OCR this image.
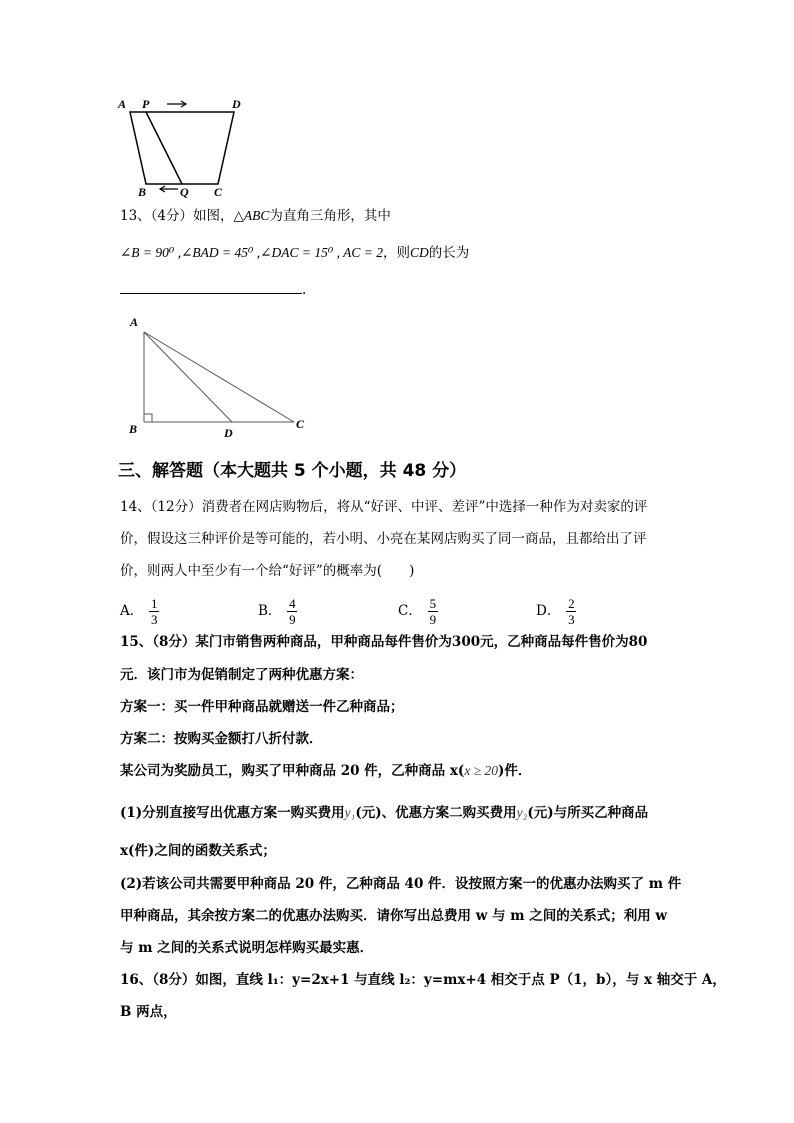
A P	D
B	Q C
13、（4分）如图，△ABC为直角三角形，其中
∠B = 90⁰ ,∠BAD = 45⁰ ,∠DAC = 15⁰ , AC = 2，则CD的长为
.
A
B	D
C
三、解答题（本大题共 5 个小题，共 48 分）
14、（12分）消费者在网店购物后，将从“好评、中评、差评”中选择一种作为对卖家的评
价，假设这三种评价是等可能的，若小明、小亮在某网店购买了同一商品，且都给出了评
价，则两人中至少有一个给“好评”的概率为(　　)
A． $\frac{1}{3}$	B． $\frac{4}{9}$	C． $\frac{5}{9}$	D． $\frac{2}{3}$
15、（8分）某门市销售两种商品，甲种商品每件售价为300元，乙种商品每件售价为80
元．该门市为促销制定了两种优惠方案：
方案一：买一件甲种商品就赠送一件乙种商品；
方案二：按购买金额打八折付款．
某公司为奖励员工，购买了甲种商品 20 件，乙种商品 x(x ≥ 20)件．
(1)分别直接写出优惠方案一购买费用y₁(元)、优惠方案二购买费用y₂(元)与所买乙种商品
x(件)之间的函数关系式；
(2)若该公司共需要甲种商品 20 件，乙种商品 40 件．设按照方案一的优惠办法购买了 m 件
甲种商品，其余按方案二的优惠办法购买．请你写出总费用 w 与 m 之间的关系式；利用 w
与 m 之间的关系式说明怎样购买最实惠．
16、（8分）如图，直线 l₁：y=2x+1 与直线 l₂：y=mx+4 相交于点 P（1，b），与 x 轴交于 A，
B 两点，
